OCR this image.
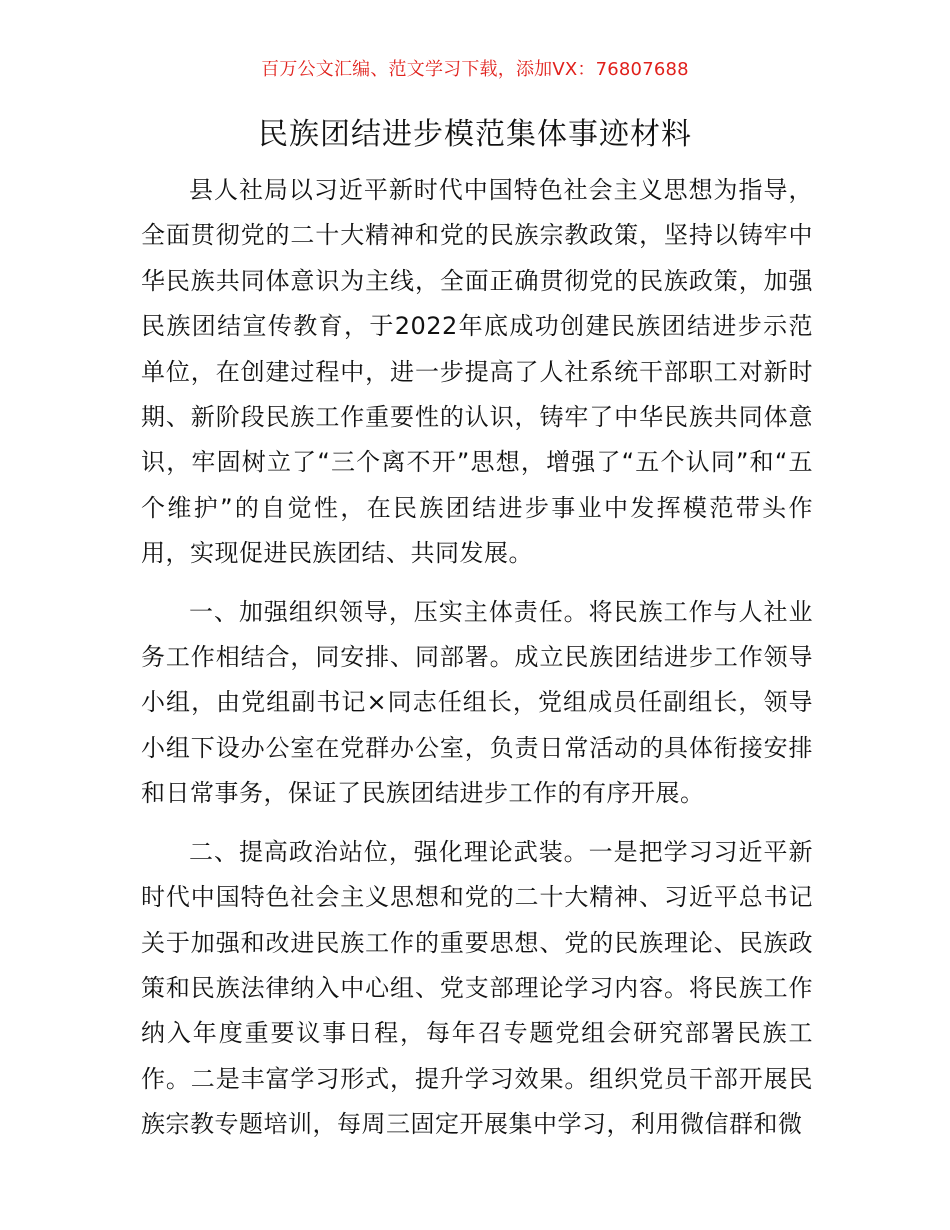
百万公文汇编、范文学习下载，添加VX：76807688
民族团结进步模范集体事迹材料

县人社局以习近平新时代中国特色社会主义思想为指导，全面贯彻党的二十大精神和党的民族宗教政策，坚持以铸牢中华民族共同体意识为主线，全面正确贯彻党的民族政策，加强民族团结宣传教育，于2022年底成功创建民族团结进步示范单位，在创建过程中，进一步提高了人社系统干部职工对新时期、新阶段民族工作重要性的认识，铸牢了中华民族共同体意识，牢固树立了“三个离不开”思想，增强了“五个认同”和“五个维护”的自觉性，在民族团结进步事业中发挥模范带头作用，实现促进民族团结、共同发展。

一、加强组织领导，压实主体责任。将民族工作与人社业务工作相结合，同安排、同部署。成立民族团结进步工作领导小组，由党组副书记×同志任组长，党组成员任副组长，领导小组下设办公室在党群办公室，负责日常活动的具体衔接安排和日常事务，保证了民族团结进步工作的有序开展。

二、提高政治站位，强化理论武装。一是把学习习近平新时代中国特色社会主义思想和党的二十大精神、习近平总书记关于加强和改进民族工作的重要思想、党的民族理论、民族政策和民族法律纳入中心组、党支部理论学习内容。将民族工作纳入年度重要议事日程，每年召专题党组会研究部署民族工作。二是丰富学习形式，提升学习效果。组织党员干部开展民族宗教专题培训，每周三固定开展集中学习，利用微信群和微
